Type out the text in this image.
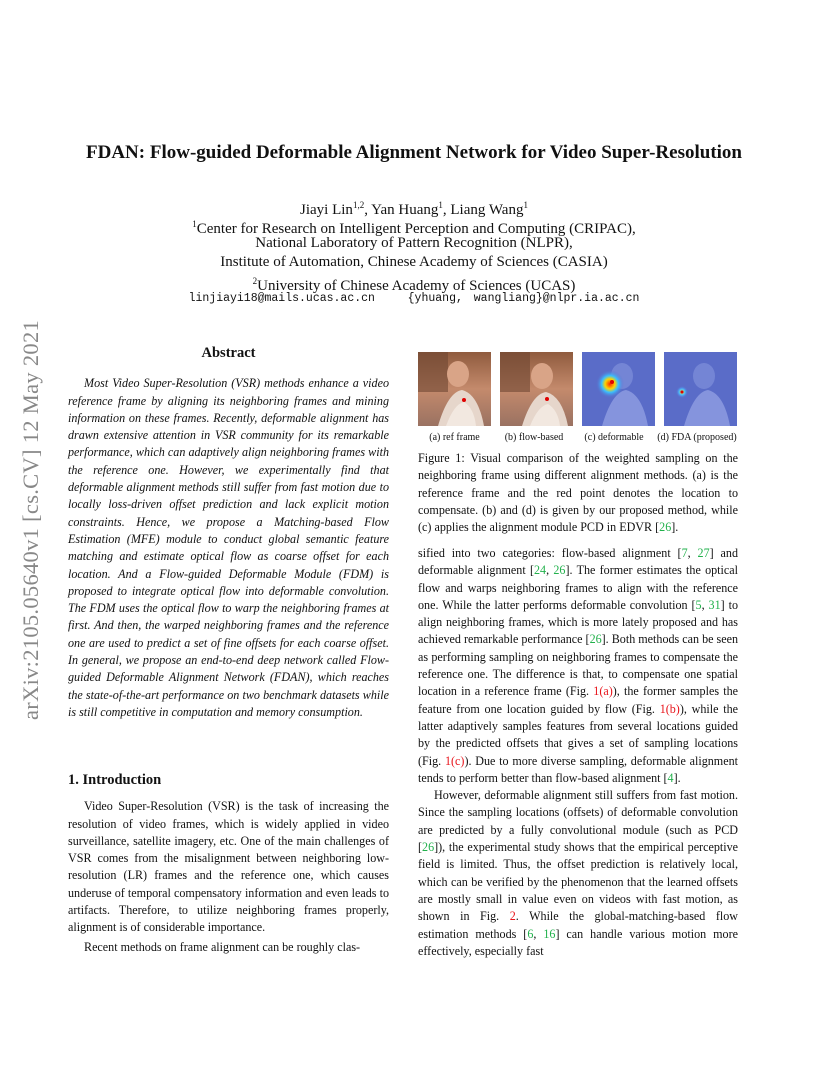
arXiv:2105.05640v1 [cs.CV] 12 May 2021
FDAN: Flow-guided Deformable Alignment Network for Video Super-Resolution
Jiayi Lin$^{1,2}$, Yan Huang$^1$, Liang Wang$^1$
$^1$Center for Research on Intelligent Perception and Computing (CRIPAC),
National Laboratory of Pattern Recognition (NLPR),
Institute of Automation, Chinese Academy of Sciences (CASIA)
$^2$University of Chinese Academy of Sciences (UCAS)
linjiayi18@mails.ucas.ac.cn	{yhuang, wangliang}@nlpr.ia.ac.cn
Abstract

Most Video Super-Resolution (VSR) methods enhance a video reference frame by aligning its neighboring frames and mining information on these frames. Recently, deformable alignment has drawn extensive attention in VSR community for its remarkable performance, which can adaptively align neighboring frames with the reference one. However, we experimentally find that deformable alignment methods still suffer from fast motion due to locally loss-driven offset prediction and lack explicit motion constraints. Hence, we propose a Matching-based Flow Estimation (MFE) module to conduct global semantic feature matching and estimate optical flow as coarse offset for each location. And a Flow-guided Deformable Module (FDM) is proposed to integrate optical flow into deformable convolution. The FDM uses the optical flow to warp the neighboring frames at first. And then, the warped neighboring frames and the reference one are used to predict a set of fine offsets for each coarse offset. In general, we propose an end-to-end deep network called Flow-guided Deformable Alignment Network (FDAN), which reaches the state-of-the-art performance on two benchmark datasets while is still competitive in computation and memory consumption.

1. Introduction

Video Super-Resolution (VSR) is the task of increasing the resolution of video frames, which is widely applied in video surveillance, satellite imagery, etc. One of the main challenges of VSR comes from the misalignment between neighboring low-resolution (LR) frames and the reference one, which causes underuse of temporal compensatory information and even leads to artifacts. Therefore, to utilize neighboring frames properly, alignment is of considerable importance.

Recent methods on frame alignment can be roughly clas-

(a) ref frame	(b) flow-based	(c) deformable	(d) FDA (proposed)

Figure 1: Visual comparison of the weighted sampling on the neighboring frame using different alignment methods. (a) is the reference frame and the red point denotes the location to compensate. (b) and (d) is given by our proposed method, while (c) applies the alignment module PCD in EDVR [26].

sified into two categories: flow-based alignment [7, 27] and deformable alignment [24, 26]. The former estimates the optical flow and warps neighboring frames to align with the reference one. While the latter performs deformable convolution [5, 31] to align neighboring frames, which is more lately proposed and has achieved remarkable performance [26]. Both methods can be seen as performing sampling on neighboring frames to compensate the reference one. The difference is that, to compensate one spatial location in a reference frame (Fig. 1(a)), the former samples the feature from one location guided by flow (Fig. 1(b)), while the latter adaptively samples features from several locations guided by the predicted offsets that gives a set of sampling locations (Fig. 1(c)). Due to more diverse sampling, deformable alignment tends to perform better than flow-based alignment [4].

However, deformable alignment still suffers from fast motion. Since the sampling locations (offsets) of deformable convolution are predicted by a fully convolutional module (such as PCD [26]), the experimental study shows that the empirical perceptive field is limited. Thus, the offset prediction is relatively local, which can be verified by the phenomenon that the learned offsets are mostly small in value even on videos with fast motion, as shown in Fig. 2. While the global-matching-based flow estimation methods [6, 16] can handle various motion more effectively, especially fast
